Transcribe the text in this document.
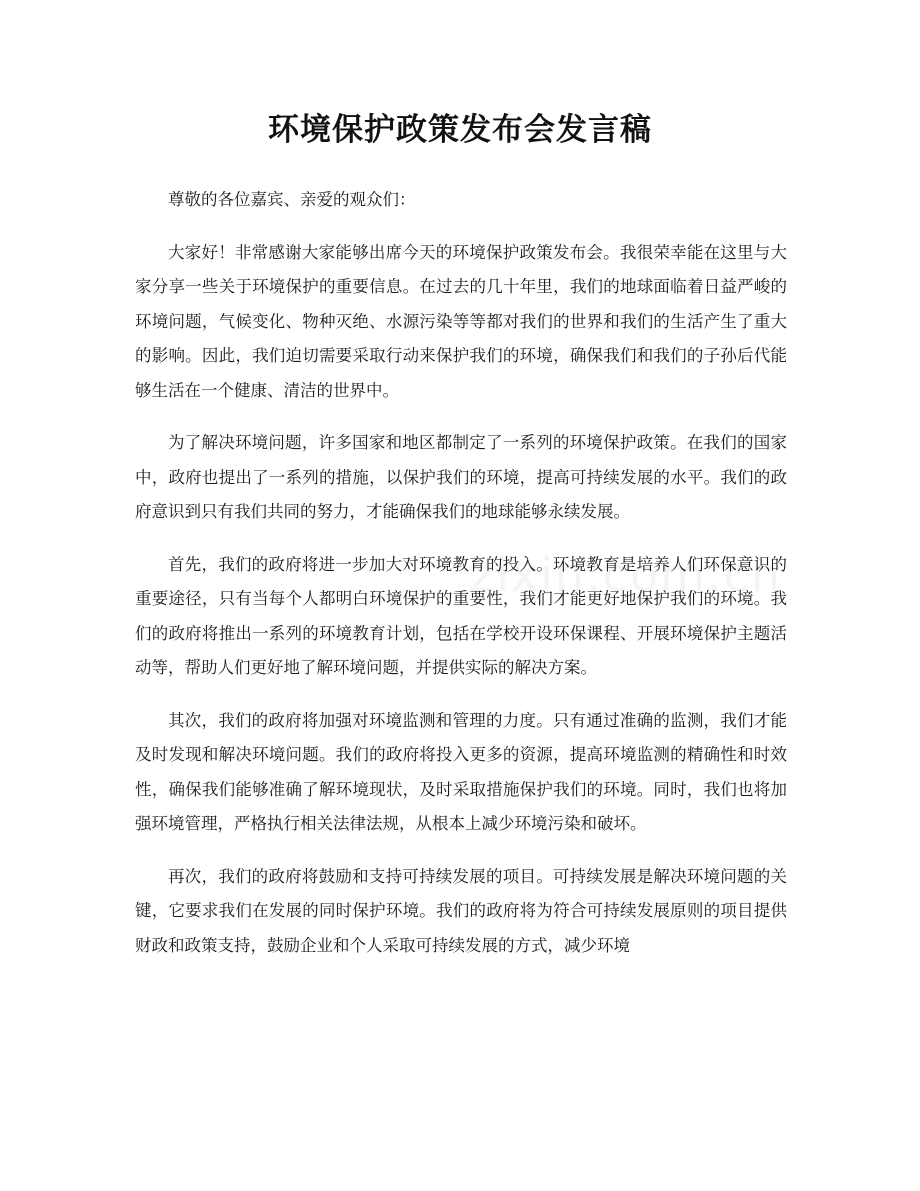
环境保护政策发布会发言稿

尊敬的各位嘉宾、亲爱的观众们：

大家好！非常感谢大家能够出席今天的环境保护政策发布会。我很荣幸能在这里与大家分享一些关于环境保护的重要信息。在过去的几十年里，我们的地球面临着日益严峻的环境问题，气候变化、物种灭绝、水源污染等等都对我们的世界和我们的生活产生了重大的影响。因此，我们迫切需要采取行动来保护我们的环境，确保我们和我们的子孙后代能够生活在一个健康、清洁的世界中。

为了解决环境问题，许多国家和地区都制定了一系列的环境保护政策。在我们的国家中，政府也提出了一系列的措施，以保护我们的环境，提高可持续发展的水平。我们的政府意识到只有我们共同的努力，才能确保我们的地球能够永续发展。

首先，我们的政府将进一步加大对环境教育的投入。环境教育是培养人们环保意识的重要途径，只有当每个人都明白环境保护的重要性，我们才能更好地保护我们的环境。我们的政府将推出一系列的环境教育计划，包括在学校开设环保课程、开展环境保护主题活动等，帮助人们更好地了解环境问题，并提供实际的解决方案。

其次，我们的政府将加强对环境监测和管理的力度。只有通过准确的监测，我们才能及时发现和解决环境问题。我们的政府将投入更多的资源，提高环境监测的精确性和时效性，确保我们能够准确了解环境现状，及时采取措施保护我们的环境。同时，我们也将加强环境管理，严格执行相关法律法规，从根本上减少环境污染和破坏。

再次，我们的政府将鼓励和支持可持续发展的项目。可持续发展是解决环境问题的关键，它要求我们在发展的同时保护环境。我们的政府将为符合可持续发展原则的项目提供财政和政策支持，鼓励企业和个人采取可持续发展的方式，减少环境
